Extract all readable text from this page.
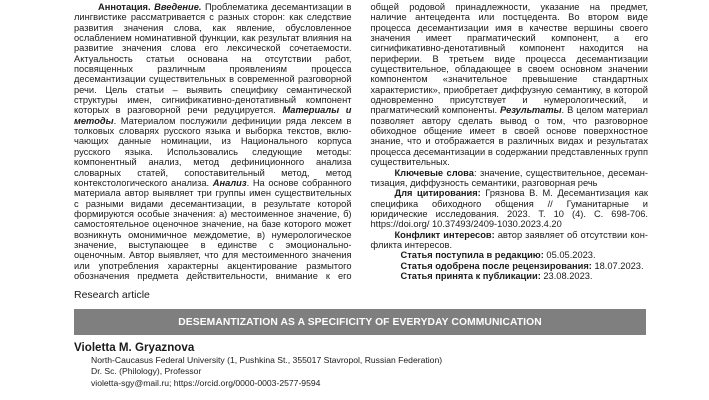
Аннотация. Введение. Проблематика десемантизации в лингвистике рассматривается с разных сторон: как следствие развития значения слова, как явление, обусловленное ослаблением номинативной функции, как результат влияния на развитие значения слова его лексической сочетаемости. Актуальность статьи основана на отсутствии работ, посвященных различным проявлениям процесса десемантизации существительных в современной разговорной речи. Цель статьи – выявить специфику семантической структуры имен, сигнификативно-денотативный компонент которых в разговорной речи редуцируется. Материалы и методы. Материалом послужили дефиниции ряда лексем в толковых словарях русского языка и выборка текстов, включающих данные номинации, из Национального корпуса русского языка. Использовались следующие методы: компонентный анализ, метод дефиниционного анализа словарных статей, сопоставительный метод, метод контекстологического анализа. Анализ. На основе собранного материала автор выявляет три группы имен существительных с разными видами десемантизации, в результате которой формируются особые значения: а) местоименное значение, б) самостоятельное оценочное значение, на базе которого может возникнуть омонимичное междометие, в) нумерологическое значение, выступающее в единстве с эмоционально-оценочным. Автор выявляет, что для местоименного значения или употребления характерны акцентирование размытого обозначения предмета действительности, внимание к его общей родовой принадлежности, указание на предмет, наличие антецедента или постцедента. Во втором виде процесса десемантизации имя в качестве вершины своего значения имеет прагматический компонент, а его сигнификативно-денотативный компонент находится на периферии. В третьем виде процесса десемантизации существительное, обладающее в своем основном значении компонентом «значительное превышение стандартных характеристик», приобретает диффузную семантику, в которой одновременно присутствует и нумерологический, и прагматический компоненты. Результаты. В целом материал позволяет автору сделать вывод о том, что разговорное обиходное общение имеет в своей основе поверхностное знание, что и отображается в различных видах и результатах процесса десемантизации в содержании представленных групп существительных.

Ключевые слова: значение, существительное, десемантизация, диффузность семантики, разговорная речь

Для цитирования: Грязнова В. М. Десемантизация как специфика обиходного общения // Гуманитарные и юридические исследования. 2023. Т. 10 (4). С. 698-706. https://doi.org/ 10.37493/2409-1030.2023.4.20

Конфликт интересов: автор заявляет об отсутствии конфликта интересов.

Статья поступила в редакцию: 05.05.2023.

Статья одобрена после рецензирования: 18.07.2023.

Статья принята к публикации: 23.08.2023.

Research article
DESEMANTIZATION AS A SPECIFICITY OF EVERYDAY COMMUNICATION
Violetta M. Gryaznova
North-Caucasus Federal University (1, Pushkina St., 355017 Stavropol, Russian Federation)
Dr. Sc. (Philology), Professor
violetta-sgy@mail.ru; https://orcid.org/0000-0003-2577-9594
